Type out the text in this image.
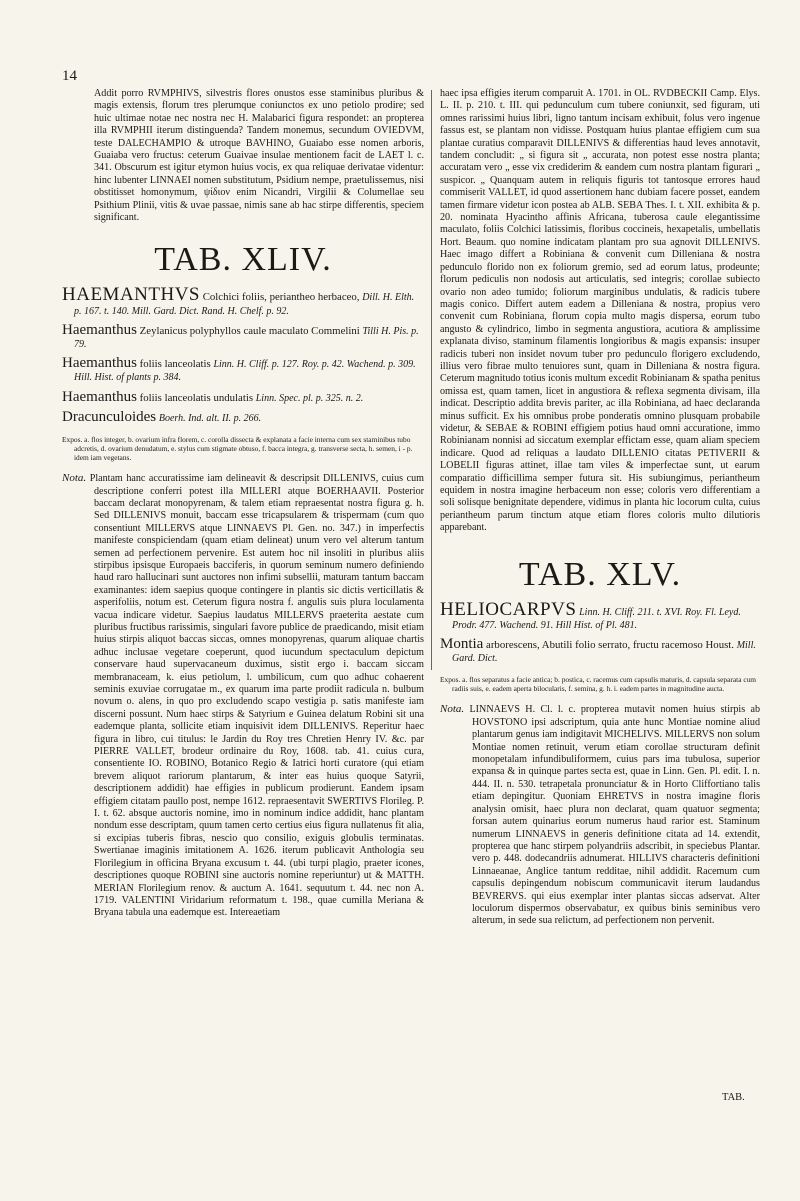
14

Addit porro RVMPHIVS, silvestris flores onustos esse staminibus pluribus & magis extensis, florum tres plerumque coniunctos ex uno petiolo prodire; sed huic ultimae notae nec nostra nec H. Malabarici figura respondet: an propterea illa RVMPHII iterum distinguenda? Tandem monemus, secundum OVIEDVM, teste DALECHAMPIO & utroque BAVHINO, Guaiabo esse nomen arboris, Guaiaba vero fructus: ceterum Guaivae insulae mentionem facit de LAET l. c. 341. Obscurum est igitur etymon huius vocis, ex qua reliquae derivatae videntur: hinc lubenter LINNAEI nomen substitutum, Psidium nempe, praetulissemus, nisi obstitisset homonymum, ψίδιον enim Nicandri, Virgilii & Columellae seu Psithium Plinii, vitis & uvae passae, nimis sane ab hac stirpe differentis, speciem significant.

TAB. XLIV.

HAEMANTHVS Colchici foliis, periantheo herbaceo, Dill. H. Elth. p. 167. t. 140. Mill. Gard. Dict. Rand. H. Chelf. p. 92.

Haemanthus Zeylanicus polyphyllos caule maculato Commelini Tilli H. Pis. p. 79.

Haemanthus foliis lanceolatis Linn. H. Cliff. p. 127. Roy. p. 42. Wachend. p. 309. Hill. Hist. of plants p. 384.

Haemanthus foliis lanceolatis undulatis Linn. Spec. pl. p. 325. n. 2.

Dracunculoides Boerh. Ind. alt. II. p. 266.

Expos. a. flos integer, b. ovarium infra florem, c. corolla dissecta & explanata a facie interna cum sex staminibus tubo adcretis, d. ovarium denudatum, e. stylus cum stigmate obtuso, f. bacca integra, g. transverse secta, h. semen, i - p. idem iam vegetans.

Nota. Plantam hanc accuratissime iam delineavit & descripsit DILLENIVS, cuius cum descriptione conferri potest illa MILLERI atque BOERHAAVII. Posterior baccam declarat monopyrenam, & talem etiam repraesentat nostra figura g. h. Sed DILLENIVS monuit, baccam esse tricapsularem & trispermam (cum quo consentiunt MILLERVS atque LINNAEVS Pl. Gen. no. 347.) in imperfectis manifeste conspiciendam (quam etiam delineat) unum vero vel alterum tantum semen ad perfectionem pervenire. Est autem hoc nil insoliti in pluribus aliis stirpibus ipsisque Europaeis bacciferis, in quorum seminum numero definiendo haud raro hallucinari sunt auctores non infimi subsellii, maturam tantum baccam examinantes: idem saepius quoque contingere in plantis sic dictis verticillatis & asperifoliis, notum est. Ceterum figura nostra f. angulis suis plura loculamenta vacua indicare videtur. Saepius laudatus MILLERVS praeterita aestate cum pluribus fructibus rarissimis, singulari favore publice de praedicando, misit etiam huius stirpis aliquot baccas siccas, omnes monopyrenas, quarum aliquae chartis adhuc inclusae vegetare coeperunt, quod iucundum spectaculum depictum conservare haud supervacaneum duximus, sistit ergo i. baccam siccam membranaceam, k. eius petiolum, l. umbilicum, cum quo adhuc cohaerent seminis exuviae corrugatae m., ex quarum ima parte prodiit radicula n. bulbum novum o. alens, in quo pro excludendo scapo vestigia p. satis manifeste iam discerni possunt. Num haec stirps & Satyrium e Guinea delatum Robini sit una eademque planta, sollicite etiam inquisivit idem DILLENIVS. Reperitur haec figura in libro, cui titulus: le Jardin du Roy tres Chretien Henry IV. &c. par PIERRE VALLET, brodeur ordinaire du Roy, 1608. tab. 41. cuius cura, consentiente IO. ROBINO, Botanico Regio & Iatrici horti curatore (qui etiam brevem aliquot rariorum plantarum, & inter eas huius quoque Satyrii, descriptionem addidit) hae effigies in publicum prodierunt. Eandem ipsam effigiem citatam paullo post, nempe 1612. repraesentavit SWERTIVS Florileg. P. I. t. 62. absque auctoris nomine, imo in nominum indice addidit, hanc plantam nondum esse descriptam, quum tamen certo certius eius figura nullatenus fit alia, si excipias tuberis fibras, nescio quo consilio, exiguis globulis terminatas. Swertianae imaginis imitationem A. 1626. iterum publicavit Anthologia seu Florilegium in officina Bryana excusum t. 44. (ubi turpi plagio, praeter icones, descriptiones quoque ROBINI sine auctoris nomine reperiuntur) ut & MATTH. MERIAN Florilegium renov. & auctum A. 1641. sequutum t. 44. nec non A. 1719. VALENTINI Viridarium reformatum t. 198., quae cumilla Meriana & Bryana tabula una eademque est. Intereaetiam

haec ipsa effigies iterum comparuit A. 1701. in OL. RVDBECKII Camp. Elys. L. II. p. 210. t. III. qui pedunculum cum tubere coniunxit, sed figuram, uti omnes rarissimi huius libri, ligno tantum incisam exhibuit, folus vero ingenue fassus est, se plantam non vidisse. Postquam huius plantae effigiem cum sua plantae curatius comparavit DILLENIVS & differentias haud leves annotavit, tandem concludit: „ si figura sit „ accurata, non potest esse nostra planta; accuratam vero „ esse vix crediderim & eandem cum nostra plantam figurari „ suspicor. „ Quanquam autem in reliquis figuris tot tantosque errores haud commiserit VALLET, id quod assertionem hanc dubiam facere posset, eandem tamen firmare videtur icon postea ab ALB. SEBA Thes. I. t. XII. exhibita & p. 20. nominata Hyacintho affinis Africana, tuberosa caule elegantissime maculato, foliis Colchici latissimis, floribus coccineis, hexapetalis, umbellatis Hort. Beaum. quo nomine indicatam plantam pro sua agnovit DILLENIVS. Haec imago differt a Robiniana & convenit cum Dilleniana & nostra pedunculo florido non ex foliorum gremio, sed ad eorum latus, prodeunte; florum pediculis non nodosis aut articulatis, sed integris; corollae subiecto ovario non adeo tumido; foliorum marginibus undulatis, & radicis tubere magis conico. Differt autem eadem a Dilleniana & nostra, propius vero convenit cum Robiniana, florum copia multo magis dispersa, eorum tubo angusto & cylindrico, limbo in segmenta angustiora, acutiora & amplissime explanata diviso, staminum filamentis longioribus & magis expansis: insuper radicis tuberi non insidet novum tuber pro pedunculo florigero excludendo, illius vero fibrae multo tenuiores sunt, quam in Dilleniana & nostra figura. Ceterum magnitudo totius iconis multum excedit Robinianam & spatha penitus omissa est, quam tamen, licet in angustiora & reflexa segmenta divisam, illa indicat. Descriptio addita brevis pariter, ac illa Robiniana, ad haec declaranda minus sufficit. Ex his omnibus probe ponderatis omnino plusquam probabile videtur, & SEBAE & ROBINI effigiem potius haud omni accuratione, immo Robinianam nonnisi ad siccatum exemplar effictam esse, quam aliam speciem indicare. Quod ad reliquas a laudato DILLENIO citatas PETIVERII & LOBELII figuras attinet, illae tam viles & imperfectae sunt, ut earum comparatio difficillima semper futura sit. His subiungimus, perianthеum equidem in nostra imagine herbaceum non esse; coloris vero differentiam a soli solisque benignitate dependere, vidimus in planta hic locorum culta, cuius perianthеum parum tinctum atque etiam flores coloris multo dilutioris apparebant.

TAB. XLV.

HELIOCARPVS Linn. H. Cliff. 211. t. XVI. Roy. Fl. Leyd. Prodr. 477. Wachend. 91. Hill Hist. of Pl. 481.

Montia arborescens, Abutili folio serrato, fructu racemoso Houst. Mill. Gard. Dict.

Expos. a. flos separatus a facie antica; b. postica, c. racemus cum capsulis maturis, d. capsula separata cum radiis suis, e. eadem aperta bilocularis, f. semina, g. h. i. eadem partes in magnitudine aucta.

Nota. LINNAEVS H. Cl. l. c. propterea mutavit nomen huius stirpis ab HOVSTONO ipsi adscriptum, quia ante hunc Montiae nomine aliud plantarum genus iam indigitavit MICHELIVS. MILLERVS non solum Montiae nomen retinuit, verum etiam corollae structuram definit monopetalam infundibuliformem, cuius pars ima tubulosa, superior expansa & in quinque partes secta est, quae in Linn. Gen. Pl. edit. I. n. 444. II. n. 530. tetrapetala pronunciatur & in Horto Cliffortiano talis etiam depingitur. Quoniam EHRETVS in nostra imagine floris analysin omisit, haec plura non declarat, quam quatuor segmenta; forsan autem quinarius eorum numerus haud rarior est. Staminum numerum LINNAEVS in generis definitione citata ad 14. extendit, propterea que hanc stirpem polyandriis adscribit, in speciebus Plantar. vero p. 448. dodecandriis adnumerat. HILLIVS characteris definitioni Linnaeanae, Anglice tantum redditae, nihil addidit. Racemum cum capsulis depingendum nobiscum communicavit iterum laudandus BEVRERVS. qui eius exemplar inter plantas siccas adservat. Alter loculorum dispermos observabatur, ex quibus binis seminibus vero alterum, in sede sua relictum, ad perfectionem non pervenit.

TAB.
